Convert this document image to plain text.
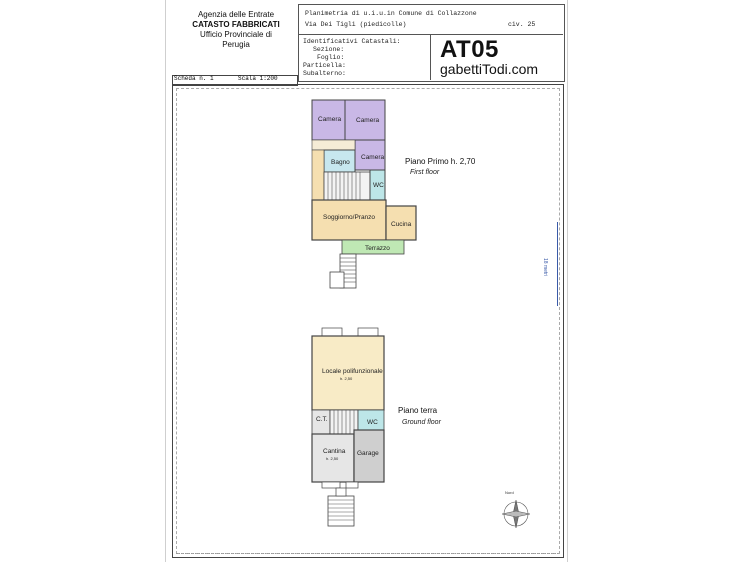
Agenzia delle Entrate
CATASTO FABBRICATI
Ufficio Provinciale di
Perugia
Planimetria di u.i.u.in Comune di Collazzone
Via Dei Tigli (piedicolle)	civ. 25
Identificativi Catastali:
Sezione:
Foglio:
Particella:
Subalterno:
AT05
gabettiTodi.com
Scheda n. 1	Scala 1:200
Camera Camera
Camera
Bagno
WC
Soggiorno/Pranzo
Cucina
Terrazzo
Piano Primo h. 2,70
First floor
Locale polifunzionale
h. 2,50
C.T.	WC
Cantina
h. 2,50
Garage
Piano terra
Ground floor
18 metri
Nord
